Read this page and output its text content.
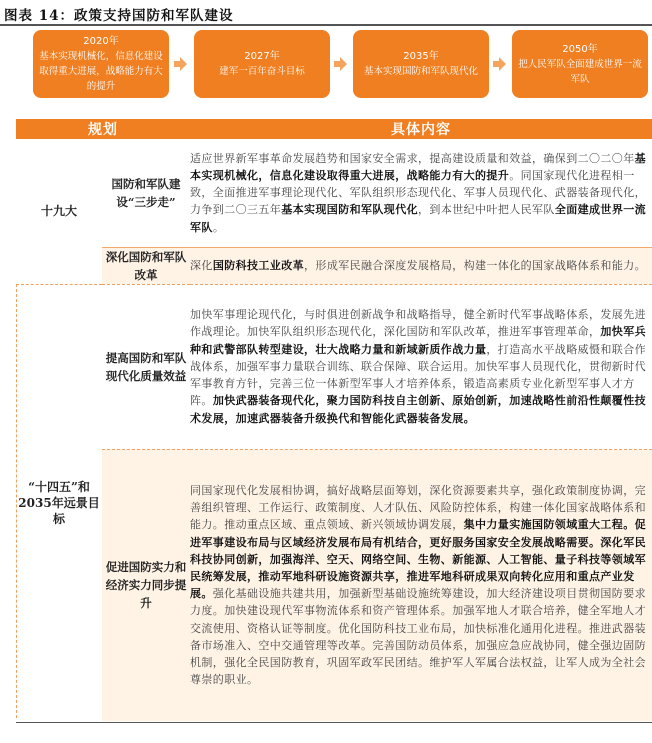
图表 14：政策支持国防和军队建设
2020年
基本实现机械化，信息化建设取得重大进展，战略能力有大的提升
2027年
建军一百年奋斗目标
2035年
基本实现国防和军队现代化
2050年
把人民军队全面建成世界一流军队
规划		具体内容
十九大	国防和军队建设“三步走”	适应世界新军事革命发展趋势和国家安全需求，提高建设质量和效益，确保到二〇二〇年基本实现机械化，信息化建设取得重大进展，战略能力有大的提升。同国家现代化进程相一致，全面推进军事理论现代化、军队组织形态现代化、军事人员现代化、武器装备现代化，力争到二〇三五年基本实现国防和军队现代化，到本世纪中叶把人民军队全面建成世界一流军队。
	深化国防和军队改革	深化国防科技工业改革，形成军民融合深度发展格局，构建一体化的国家战略体系和能力。
“十四五”和2035年远景目标	提高国防和军队现代化质量效益	加快军事理论现代化，与时俱进创新战争和战略指导，健全新时代军事战略体系，发展先进作战理论。加快军队组织形态现代化，深化国防和军队改革，推进军事管理革命，加快军兵种和武警部队转型建设，壮大战略力量和新域新质作战力量，打造高水平战略威慑和联合作战体系，加强军事力量联合训练、联合保障、联合运用。加快军事人员现代化，贯彻新时代军事教育方针，完善三位一体新型军事人才培养体系，锻造高素质专业化新型军事人才方阵。加快武器装备现代化，聚力国防科技自主创新、原始创新，加速战略性前沿性颠覆性技术发展，加速武器装备升级换代和智能化武器装备发展。
	促进国防实力和经济实力同步提升	同国家现代化发展相协调，搞好战略层面筹划，深化资源要素共享，强化政策制度协调，完善组织管理、工作运行、政策制度、人才队伍、风险防控体系，构建一体化国家战略体系和能力。推动重点区域、重点领域、新兴领域协调发展，集中力量实施国防领域重大工程。促进军事建设布局与区域经济发展布局有机结合，更好服务国家安全发展战略需要。深化军民科技协同创新，加强海洋、空天、网络空间、生物、新能源、人工智能、量子科技等领域军民统筹发展，推动军地科研设施资源共享，推进军地科研成果双向转化应用和重点产业发展。强化基础设施共建共用，加强新型基础设施统筹建设，加大经济建设项目贯彻国防要求力度。加快建设现代军事物流体系和资产管理体系。加强军地人才联合培养，健全军地人才交流使用、资格认证等制度。优化国防科技工业布局，加快标准化通用化进程。推进武器装备市场准入、空中交通管理等改革。完善国防动员体系，加强应急应战协同，健全强边固防机制，强化全民国防教育，巩固军政军民团结。维护军人军属合法权益，让军人成为全社会尊崇的职业。
